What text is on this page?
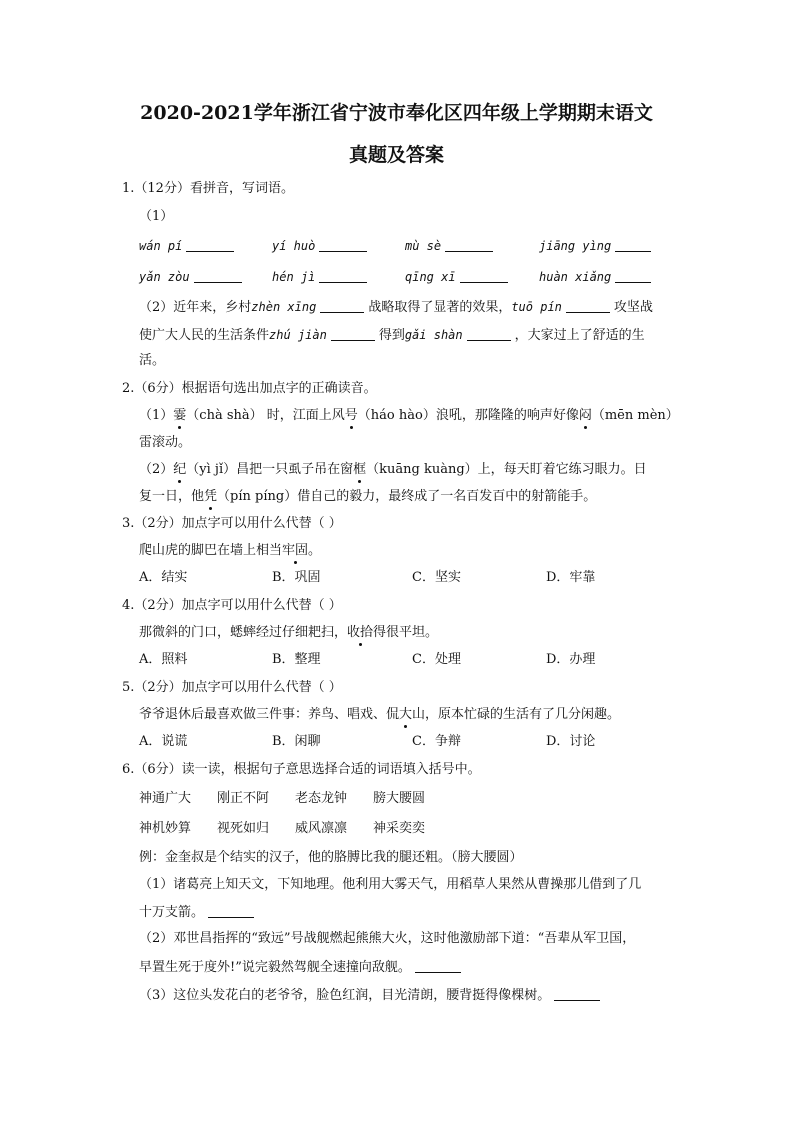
2020-2021学年浙江省宁波市奉化区四年级上学期期末语文
真题及答案
1.（12分）看拼音，写词语。
（1）
wán pí	yí huò	mù sè	jiāng yìng
yǎn zòu	hén jì	qīng xī	huàn xiǎng
（2）近年来，乡村zhèn xīng	战略取得了显著的效果，tuō pín	攻坚战
使广大人民的生活条件zhú jiàn	得到gǎi shàn	，大家过上了舒适的生
活。
2.（6分）根据语句选出加点字的正确读音。
（1）霎（chà shà） 时，江面上风号（háo hào）浪吼，那隆隆的响声好像闷（mēn mèn）
雷滚动。
（2）纪（yì jǐ）昌把一只虱子吊在窗框（kuāng kuàng）上，每天盯着它练习眼力。日
复一日，他凭（pín píng）借自己的毅力，最终成了一名百发百中的射箭能手。
3.（2分）加点字可以用什么代替（ ）
爬山虎的脚巴在墙上相当牢固。
A．结实	B．巩固	C．坚实	D．牢靠
4.（2分）加点字可以用什么代替（ ）
那微斜的门口，蟋蟀经过仔细耙扫，收拾得很平坦。
A．照料	B．整理	C．处理	D．办理
5.（2分）加点字可以用什么代替（ ）
爷爷退休后最喜欢做三件事：养鸟、唱戏、侃大山，原本忙碌的生活有了几分闲趣。
A．说谎	B．闲聊	C．争辩	D．讨论
6.（6分）读一读，根据句子意思选择合适的词语填入括号中。
神通广大 刚正不阿 老态龙钟 膀大腰圆
神机妙算 视死如归 威风凛凛 神采奕奕
例：金奎叔是个结实的汉子，他的胳膊比我的腿还粗。（膀大腰圆）
（1）诸葛亮上知天文，下知地理。他利用大雾天气，用稻草人果然从曹操那儿借到了几
十万支箭。
（2）邓世昌指挥的“致远”号战舰燃起熊熊大火，这时他激励部下道：“吾辈从军卫国，
早置生死于度外!”说完毅然驾舰全速撞向敌舰。
（3）这位头发花白的老爷爷，脸色红润，目光清朗，腰背挺得像棵树。
